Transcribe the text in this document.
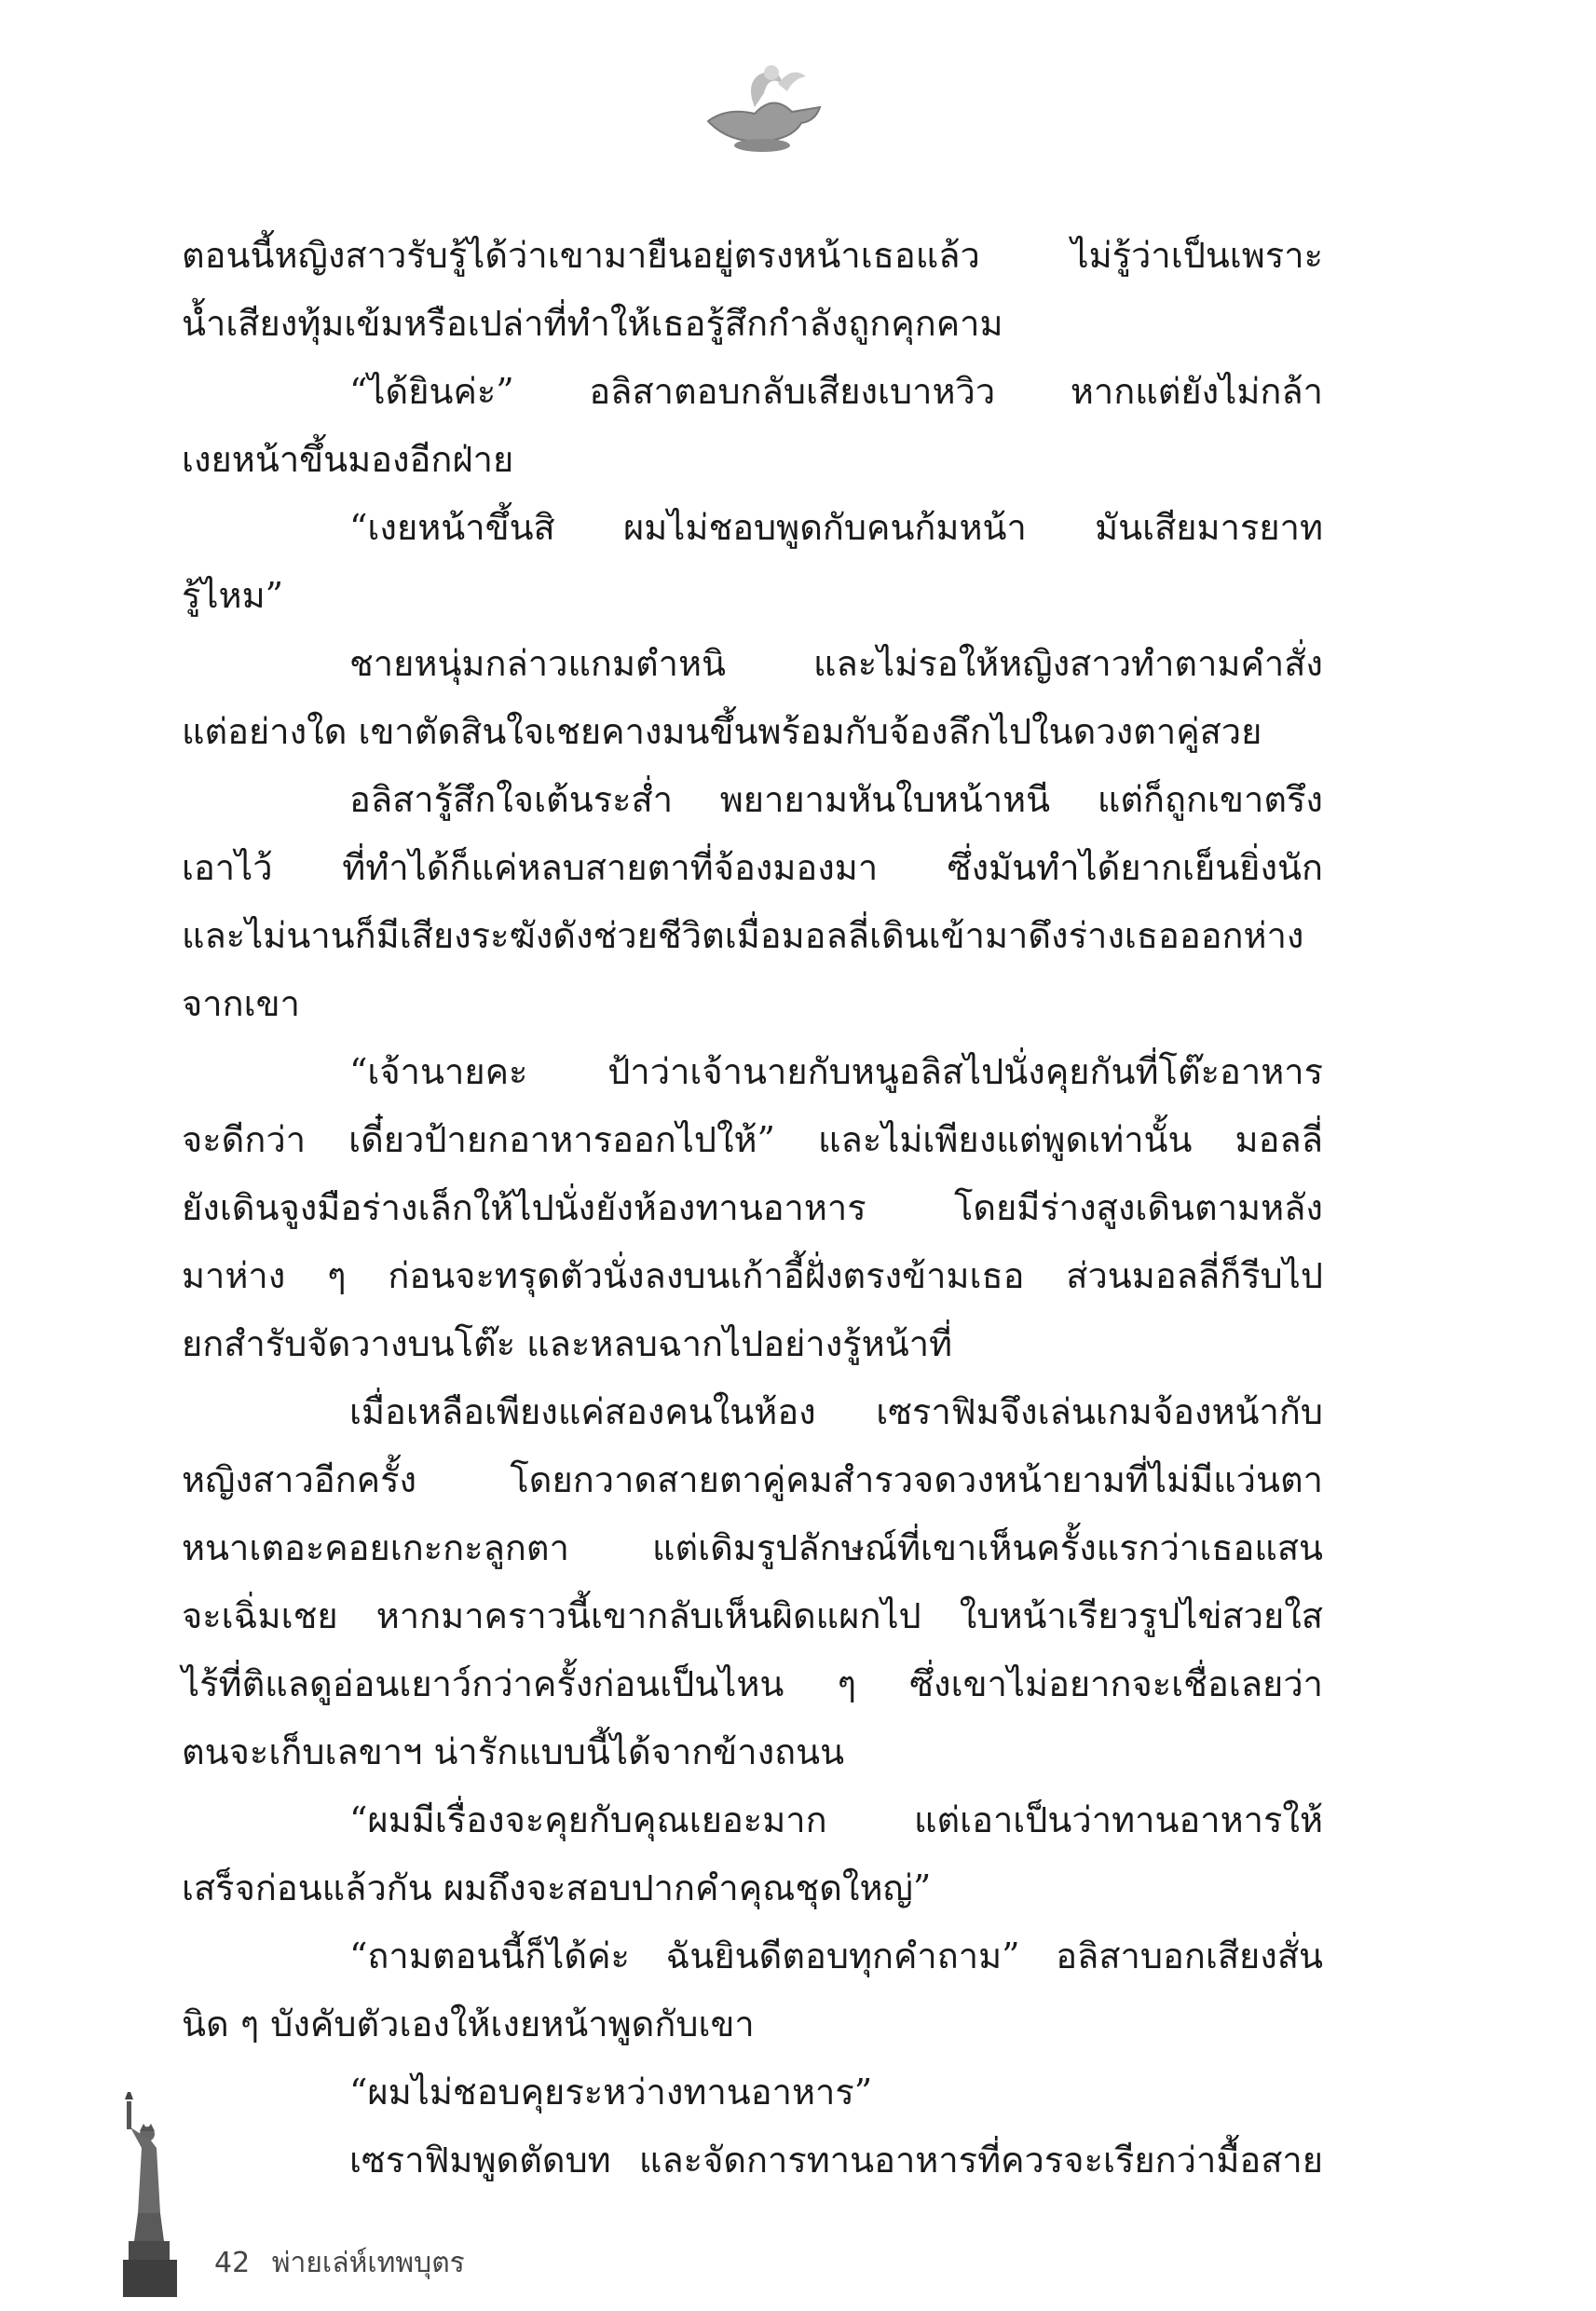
ตอนนี้หญิงสาวรับรู้ได้ว่าเขามายืนอยู่ตรงหน้าเธอแล้ว ไม่รู้ว่าเป็นเพราะ
น้ำเสียงทุ้มเข้มหรือเปล่าที่ทำให้เธอรู้สึกกำลังถูกคุกคาม
“ได้ยินค่ะ” อลิสาตอบกลับเสียงเบาหวิว หากแต่ยังไม่กล้า
เงยหน้าขึ้นมองอีกฝ่าย
“เงยหน้าขึ้นสิ ผมไม่ชอบพูดกับคนก้มหน้า มันเสียมารยาท
รู้ไหม”
ชายหนุ่มกล่าวแกมตำหนิ และไม่รอให้หญิงสาวทำตามคำสั่ง
แต่อย่างใด เขาตัดสินใจเชยคางมนขึ้นพร้อมกับจ้องลึกไปในดวงตาคู่สวย
อลิสารู้สึกใจเต้นระส่ำ พยายามหันใบหน้าหนี แต่ก็ถูกเขาตรึง
เอาไว้ ที่ทำได้ก็แค่หลบสายตาที่จ้องมองมา ซึ่งมันทำได้ยากเย็นยิ่งนัก
และไม่นานก็มีเสียงระฆังดังช่วยชีวิตเมื่อมอลลี่เดินเข้ามาดึงร่างเธอออกห่าง
จากเขา
“เจ้านายคะ ป้าว่าเจ้านายกับหนูอลิสไปนั่งคุยกันที่โต๊ะอาหาร
จะดีกว่า เดี๋ยวป้ายกอาหารออกไปให้” และไม่เพียงแต่พูดเท่านั้น มอลลี่
ยังเดินจูงมือร่างเล็กให้ไปนั่งยังห้องทานอาหาร โดยมีร่างสูงเดินตามหลัง
มาห่าง ๆ ก่อนจะทรุดตัวนั่งลงบนเก้าอี้ฝั่งตรงข้ามเธอ ส่วนมอลลี่ก็รีบไป
ยกสำรับจัดวางบนโต๊ะ และหลบฉากไปอย่างรู้หน้าที่
เมื่อเหลือเพียงแค่สองคนในห้อง เซราฟิมจึงเล่นเกมจ้องหน้ากับ
หญิงสาวอีกครั้ง โดยกวาดสายตาคู่คมสำรวจดวงหน้ายามที่ไม่มีแว่นตา
หนาเตอะคอยเกะกะลูกตา แต่เดิมรูปลักษณ์ที่เขาเห็นครั้งแรกว่าเธอแสน
จะเฉิ่มเชย หากมาคราวนี้เขากลับเห็นผิดแผกไป ใบหน้าเรียวรูปไข่สวยใส
ไร้ที่ติแลดูอ่อนเยาว์กว่าครั้งก่อนเป็นไหน ๆ ซึ่งเขาไม่อยากจะเชื่อเลยว่า
ตนจะเก็บเลขาฯ น่ารักแบบนี้ได้จากข้างถนน
“ผมมีเรื่องจะคุยกับคุณเยอะมาก แต่เอาเป็นว่าทานอาหารให้
เสร็จก่อนแล้วกัน ผมถึงจะสอบปากคำคุณชุดใหญ่”
“ถามตอนนี้ก็ได้ค่ะ ฉันยินดีตอบทุกคำถาม” อลิสาบอกเสียงสั่น
นิด ๆ บังคับตัวเองให้เงยหน้าพูดกับเขา
“ผมไม่ชอบคุยระหว่างทานอาหาร”
เซราฟิมพูดตัดบท และจัดการทานอาหารที่ควรจะเรียกว่ามื้อสาย
42 พ่ายเล่ห์เทพบุตร
